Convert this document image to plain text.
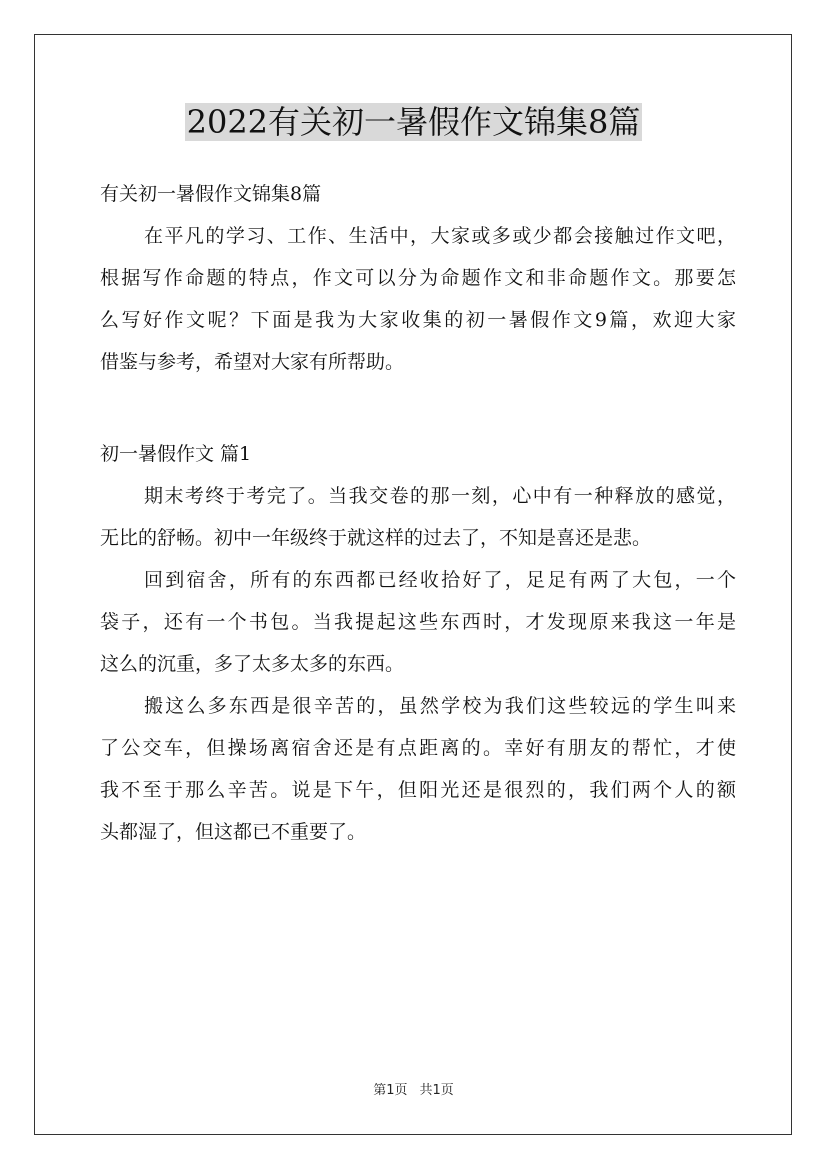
2022有关初一暑假作文锦集8篇

有关初一暑假作文锦集8篇

在平凡的学习、工作、生活中，大家或多或少都会接触过作文吧，

根据写作命题的特点，作文可以分为命题作文和非命题作文。那要怎

么写好作文呢？下面是我为大家收集的初一暑假作文9篇，欢迎大家

借鉴与参考，希望对大家有所帮助。

初一暑假作文 篇1

期末考终于考完了。当我交卷的那一刻，心中有一种释放的感觉，

无比的舒畅。初中一年级终于就这样的过去了，不知是喜还是悲。

回到宿舍，所有的东西都已经收拾好了，足足有两了大包，一个

袋子，还有一个书包。当我提起这些东西时，才发现原来我这一年是

这么的沉重，多了太多太多的东西。

搬这么多东西是很辛苦的，虽然学校为我们这些较远的学生叫来

了公交车，但操场离宿舍还是有点距离的。幸好有朋友的帮忙，才使

我不至于那么辛苦。说是下午，但阳光还是很烈的，我们两个人的额

头都湿了，但这都已不重要了。

第1页 共1页
